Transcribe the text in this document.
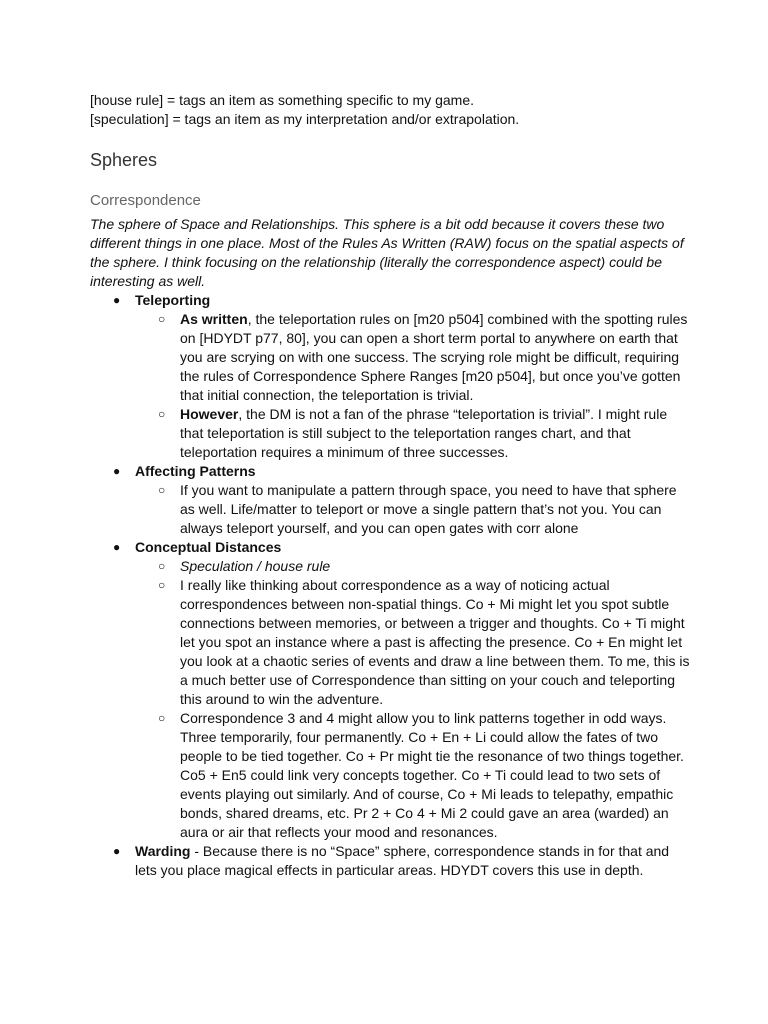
[house rule] = tags an item as something specific to my game.

[speculation] = tags an item as my interpretation and/or extrapolation.

Spheres
Correspondence

The sphere of Space and Relationships. This sphere is a bit odd because it covers these two different things in one place. Most of the Rules As Written (RAW) focus on the spatial aspects of the sphere. I think focusing on the relationship (literally the correspondence aspect) could be interesting as well.

● Teleporting
○ As written, the teleportation rules on [m20 p504] combined with the spotting rules on [HDYDT p77, 80], you can open a short term portal to anywhere on earth that you are scrying on with one success. The scrying role might be difficult, requiring the rules of Correspondence Sphere Ranges [m20 p504], but once you’ve gotten that initial connection, the teleportation is trivial.
○ However, the DM is not a fan of the phrase “teleportation is trivial”. I might rule that teleportation is still subject to the teleportation ranges chart, and that teleportation requires a minimum of three successes.
● Affecting Patterns
○ If you want to manipulate a pattern through space, you need to have that sphere as well. Life/matter to teleport or move a single pattern that’s not you. You can always teleport yourself, and you can open gates with corr alone
● Conceptual Distances
○ Speculation / house rule
○ I really like thinking about correspondence as a way of noticing actual correspondences between non-spatial things. Co + Mi might let you spot subtle connections between memories, or between a trigger and thoughts. Co + Ti might let you spot an instance where a past is affecting the presence. Co + En might let you look at a chaotic series of events and draw a line between them. To me, this is a much better use of Correspondence than sitting on your couch and teleporting this around to win the adventure.
○ Correspondence 3 and 4 might allow you to link patterns together in odd ways. Three temporarily, four permanently. Co + En + Li could allow the fates of two people to be tied together. Co + Pr might tie the resonance of two things together. Co5 + En5 could link very concepts together. Co + Ti could lead to two sets of events playing out similarly. And of course, Co + Mi leads to telepathy, empathic bonds, shared dreams, etc. Pr 2 + Co 4 + Mi 2 could gave an area (warded) an aura or air that reflects your mood and resonances.
● Warding - Because there is no “Space” sphere, correspondence stands in for that and lets you place magical effects in particular areas. HDYDT covers this use in depth.
